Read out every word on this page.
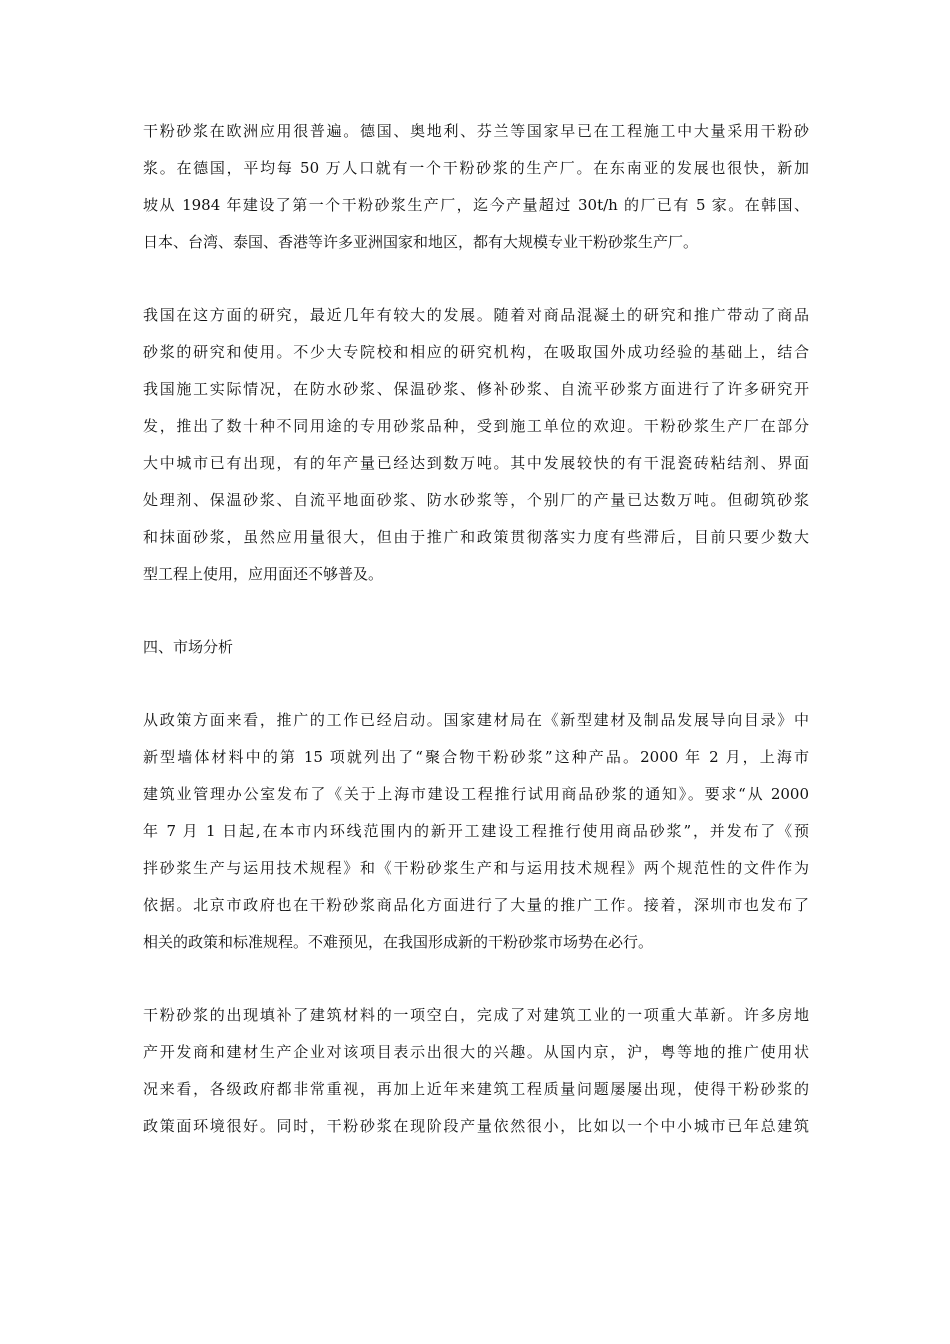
干粉砂浆在欧洲应用很普遍。德国、奥地利、芬兰等国家早已在工程施工中大量采用干粉砂
浆。在德国，平均每 50 万人口就有一个干粉砂浆的生产厂。在东南亚的发展也很快，新加
坡从 1984 年建设了第一个干粉砂浆生产厂，迄今产量超过 30t/h 的厂已有 5 家。在韩国、
日本、台湾、泰国、香港等许多亚洲国家和地区，都有大规模专业干粉砂浆生产厂。
我国在这方面的研究，最近几年有较大的发展。随着对商品混凝土的研究和推广带动了商品
砂浆的研究和使用。不少大专院校和相应的研究机构，在吸取国外成功经验的基础上，结合
我国施工实际情况，在防水砂浆、保温砂浆、修补砂浆、自流平砂浆方面进行了许多研究开
发，推出了数十种不同用途的专用砂浆品种，受到施工单位的欢迎。干粉砂浆生产厂在部分
大中城市已有出现，有的年产量已经达到数万吨。其中发展较快的有干混瓷砖粘结剂、界面
处理剂、保温砂浆、自流平地面砂浆、防水砂浆等，个别厂的产量已达数万吨。但砌筑砂浆
和抹面砂浆，虽然应用量很大，但由于推广和政策贯彻落实力度有些滞后，目前只要少数大
型工程上使用，应用面还不够普及。
四、市场分析
从政策方面来看，推广的工作已经启动。国家建材局在《新型建材及制品发展导向目录》中
新型墙体材料中的第 15 项就列出了“聚合物干粉砂浆”这种产品。2000 年 2 月，上海市
建筑业管理办公室发布了《关于上海市建设工程推行试用商品砂浆的通知》。要求“从 2000
年 7 月 1 日起,在本市内环线范围内的新开工建设工程推行使用商品砂浆”，并发布了《预
拌砂浆生产与运用技术规程》和《干粉砂浆生产和与运用技术规程》两个规范性的文件作为
依据。北京市政府也在干粉砂浆商品化方面进行了大量的推广工作。接着，深圳市也发布了
相关的政策和标准规程。不难预见，在我国形成新的干粉砂浆市场势在必行。
干粉砂浆的出现填补了建筑材料的一项空白，完成了对建筑工业的一项重大革新。许多房地
产开发商和建材生产企业对该项目表示出很大的兴趣。从国内京，沪，粤等地的推广使用状
况来看，各级政府都非常重视，再加上近年来建筑工程质量问题屡屡出现，使得干粉砂浆的
政策面环境很好。同时，干粉砂浆在现阶段产量依然很小，比如以一个中小城市已年总建筑
